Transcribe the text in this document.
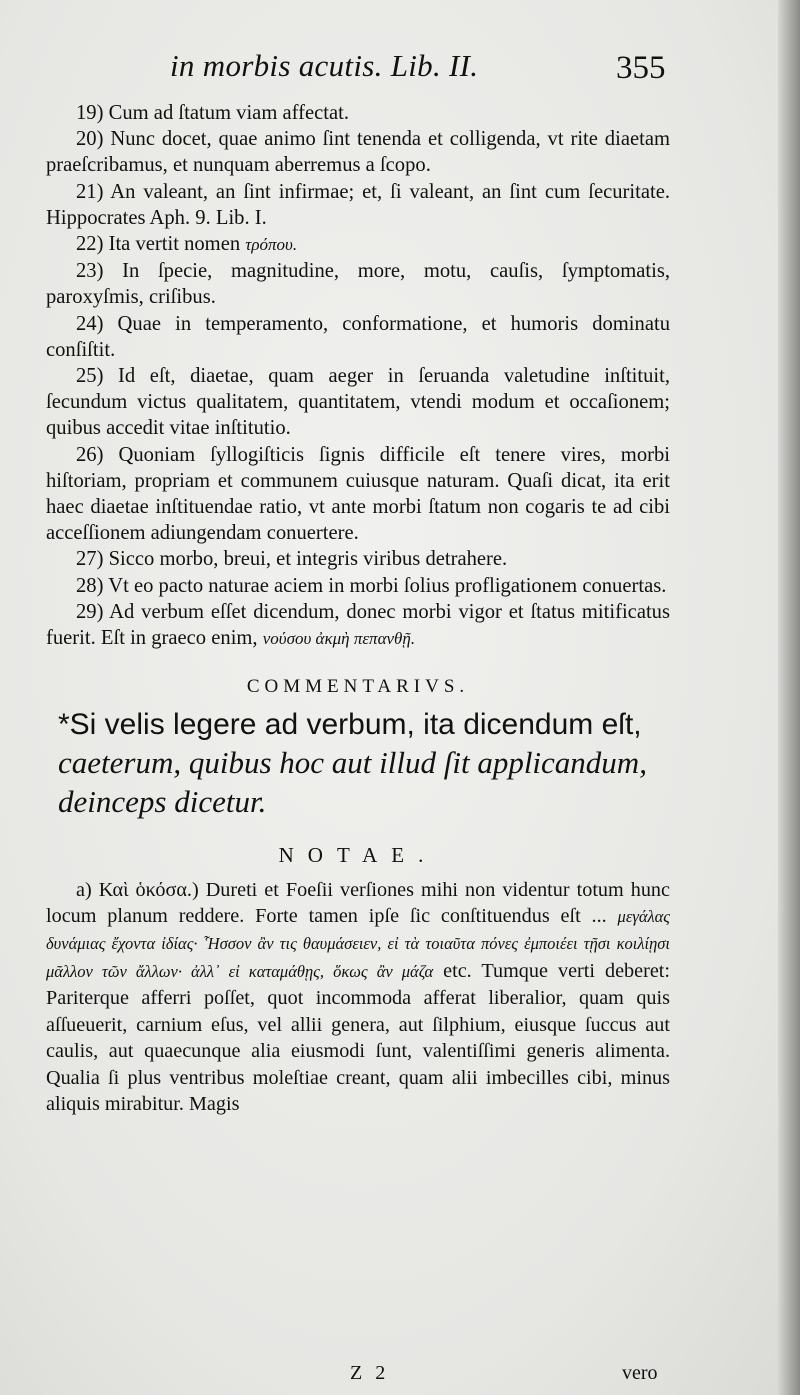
in morbis acutis. Lib. II.	355

19) Cum ad ſtatum viam affectat.

20) Nunc docet, quae animo ſint tenenda et colligenda, vt rite diaetam praeſcribamus, et nunquam aberremus a ſcopo.

21) An valeant, an ſint infirmae; et, ſi valeant, an ſint cum ſecuritate. Hippocrates Aph. 9. Lib. I.

22) Ita vertit nomen τρόπου.

23) In ſpecie, magnitudine, more, motu, cauſis, ſymptomatis, paroxyſmis, criſibus.

24) Quae in temperamento, conformatione, et humoris dominatu conſiſtit.

25) Id eſt, diaetae, quam aeger in ſeruanda valetudine inſtituit, ſecundum victus qualitatem, quantitatem, vtendi modum et occaſionem; quibus accedit vitae inſtitutio.

26) Quoniam ſyllogiſticis ſignis difficile eſt tenere vires, morbi hiſtoriam, propriam et communem cuiusque naturam. Quaſi dicat, ita erit haec diaetae inſtituendae ratio, vt ante morbi ſtatum non cogaris te ad cibi acceſſionem adiungendam conuertere.

27) Sicco morbo, breui, et integris viribus detrahere.

28) Vt eo pacto naturae aciem in morbi ſolius profligationem conuertas.

29) Ad verbum eſſet dicendum, donec morbi vigor et ſtatus mitificatus fuerit. Eſt in graeco enim, νούσου ἀκμὴ πεπανθῇ.

COMMENTARIVS.

*Si velis legere ad verbum, ita dicendum eſt, caeterum, quibus hoc aut illud ſit applicandum, deinceps dicetur.

NOTAE.

a) Καὶ ὁκόσα.) Dureti et Foeſii verſiones mihi non videntur totum hunc locum planum reddere. Forte tamen ipſe ſic conſtituendus eſt ... μεγάλας δυνάμιας ἔχοντα ἰδίας· Ἧσσον ἂν τις θαυμάσειεν, εἰ τὰ τοιαῦτα πόνες ἐμποιέει τῇσι κοιλίῃσι μᾶλλον τῶν ἄλλων· ἀλλ᾽ εἰ καταμάθῃς, ὅκως ἂν μάζα etc. Tumque verti deberet: Pariterque afferri poſſet, quot incommoda afferat liberalior, quam quis aſſueuerit, carnium eſus, vel allii genera, aut ſilphium, eiusque ſuccus aut caulis, aut quaecunque alia eiusmodi ſunt, valentiſſimi generis alimenta. Qualia ſi plus ventribus moleſtiae creant, quam alii imbecilles cibi, minus aliquis mirabitur. Magis

Z 2	vero
